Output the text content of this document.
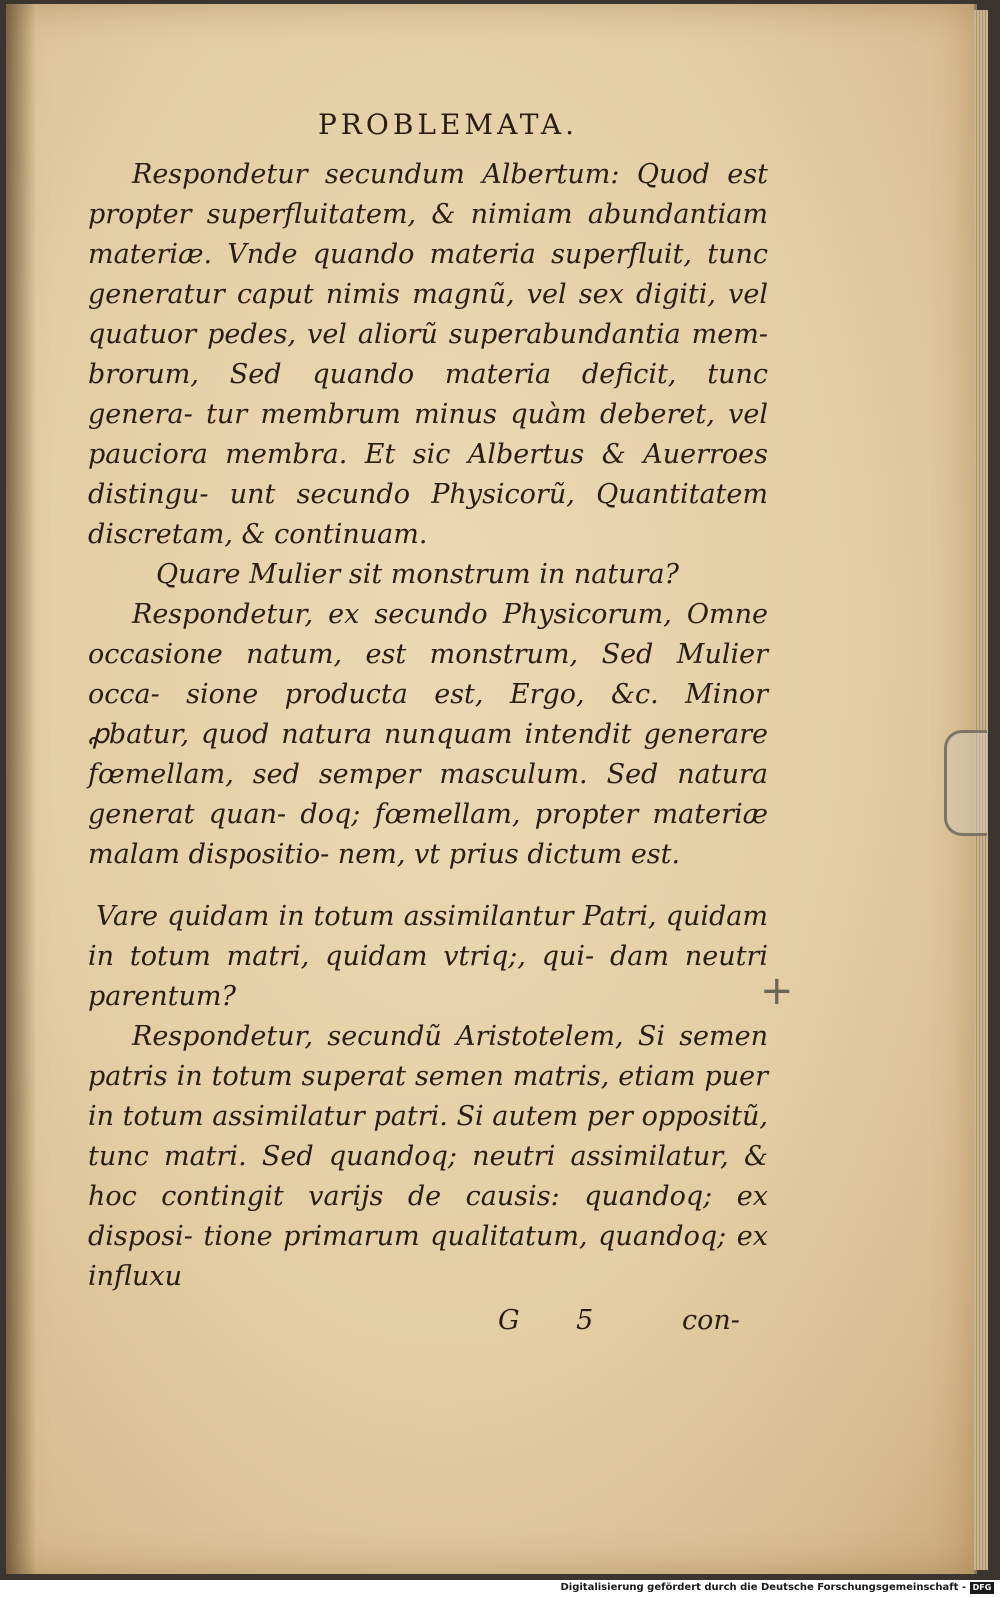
PROBLEMATA.

Respondetur secundum Albertum: Quod est propter superfluitatem, & nimiam abundantiam materiæ. Vnde quando materia superfluit, tunc generatur caput nimis magnũ, vel sex digiti, vel quatuor pedes, vel aliorũ superabundantia mem- brorum, Sed quando materia deficit, tunc genera- tur membrum minus quàm deberet, vel pauciora membra. Et sic Albertus & Auerroes distingu- unt secundo Physicorũ, Quantitatem discretam, & continuam.

Quare Mulier sit monstrum in natura?

Respondetur, ex secundo Physicorum, Omne occasione natum, est monstrum, Sed Mulier occa- sione producta est, Ergo, &c. Minor ꝓbatur, quod natura nunquam intendit generare fœmellam, sed semper masculum. Sed natura generat quan- doq; fœmellam, propter materiæ malam dispositio- nem, vt prius dictum est.

Vare quidam in totum assimilantur Patri, quidam in totum matri, quidam vtriq;, qui- dam neutri parentum?

Respondetur, secundũ Aristotelem, Si semen patris in totum superat semen matris, etiam puer in totum assimilatur patri. Si autem per oppositũ, tunc matri. Sed quandoq; neutri assimilatur, & hoc contingit varijs de causis: quandoq; ex disposi- tione primarum qualitatum, quandoq; ex influxu

G 5 con-
+
Digitalisierung gefördert durch die Deutsche Forschungsgemeinschaft - DFG
